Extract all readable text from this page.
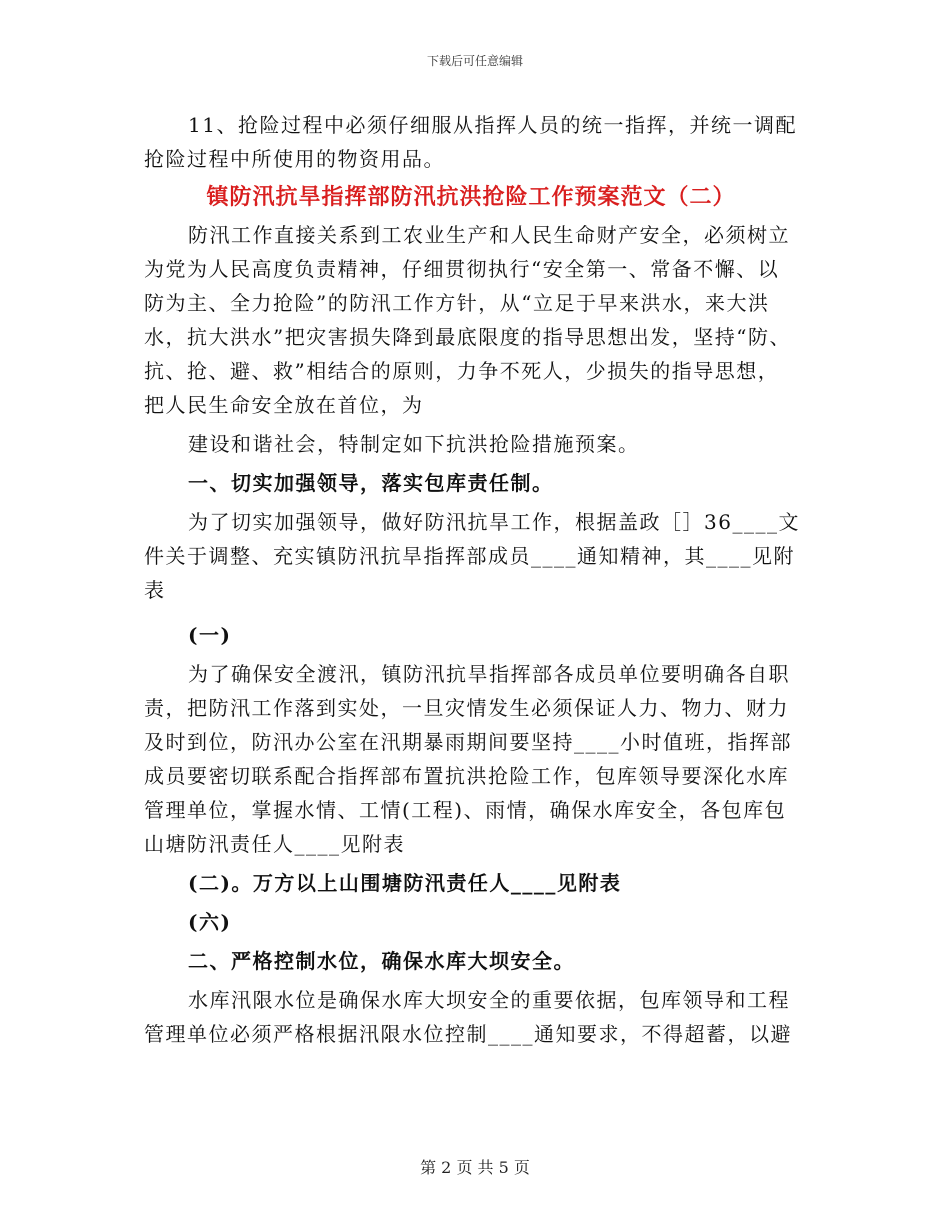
下载后可任意编辑
11、抢险过程中必须仔细服从指挥人员的统一指挥，并统一调配
抢险过程中所使用的物资用品。
镇防汛抗旱指挥部防汛抗洪抢险工作预案范文（二）
防汛工作直接关系到工农业生产和人民生命财产安全，必须树立
为党为人民高度负责精神，仔细贯彻执行“安全第一、常备不懈、以
防为主、全力抢险”的防汛工作方针，从“立足于早来洪水，来大洪
水，抗大洪水”把灾害损失降到最底限度的指导思想出发，坚持“防、
抗、抢、避、救”相结合的原则，力争不死人，少损失的指导思想，
把人民生命安全放在首位，为
建设和谐社会，特制定如下抗洪抢险措施预案。
一、切实加强领导，落实包库责任制。
为了切实加强领导，做好防汛抗旱工作，根据盖政［］36____文
件关于调整、充实镇防汛抗旱指挥部成员____通知精神，其____见附
表
(一)
为了确保安全渡汛，镇防汛抗旱指挥部各成员单位要明确各自职
责，把防汛工作落到实处，一旦灾情发生必须保证人力、物力、财力
及时到位，防汛办公室在汛期暴雨期间要坚持____小时值班，指挥部
成员要密切联系配合指挥部布置抗洪抢险工作，包库领导要深化水库
管理单位，掌握水情、工情(工程)、雨情，确保水库安全，各包库包
山塘防汛责任人____见附表
(二)。万方以上山围塘防汛责任人____见附表
(六)
二、严格控制水位，确保水库大坝安全。
水库汛限水位是确保水库大坝安全的重要依据，包库领导和工程
管理单位必须严格根据汛限水位控制____通知要求，不得超蓄，以避
第 2 页 共 5 页
